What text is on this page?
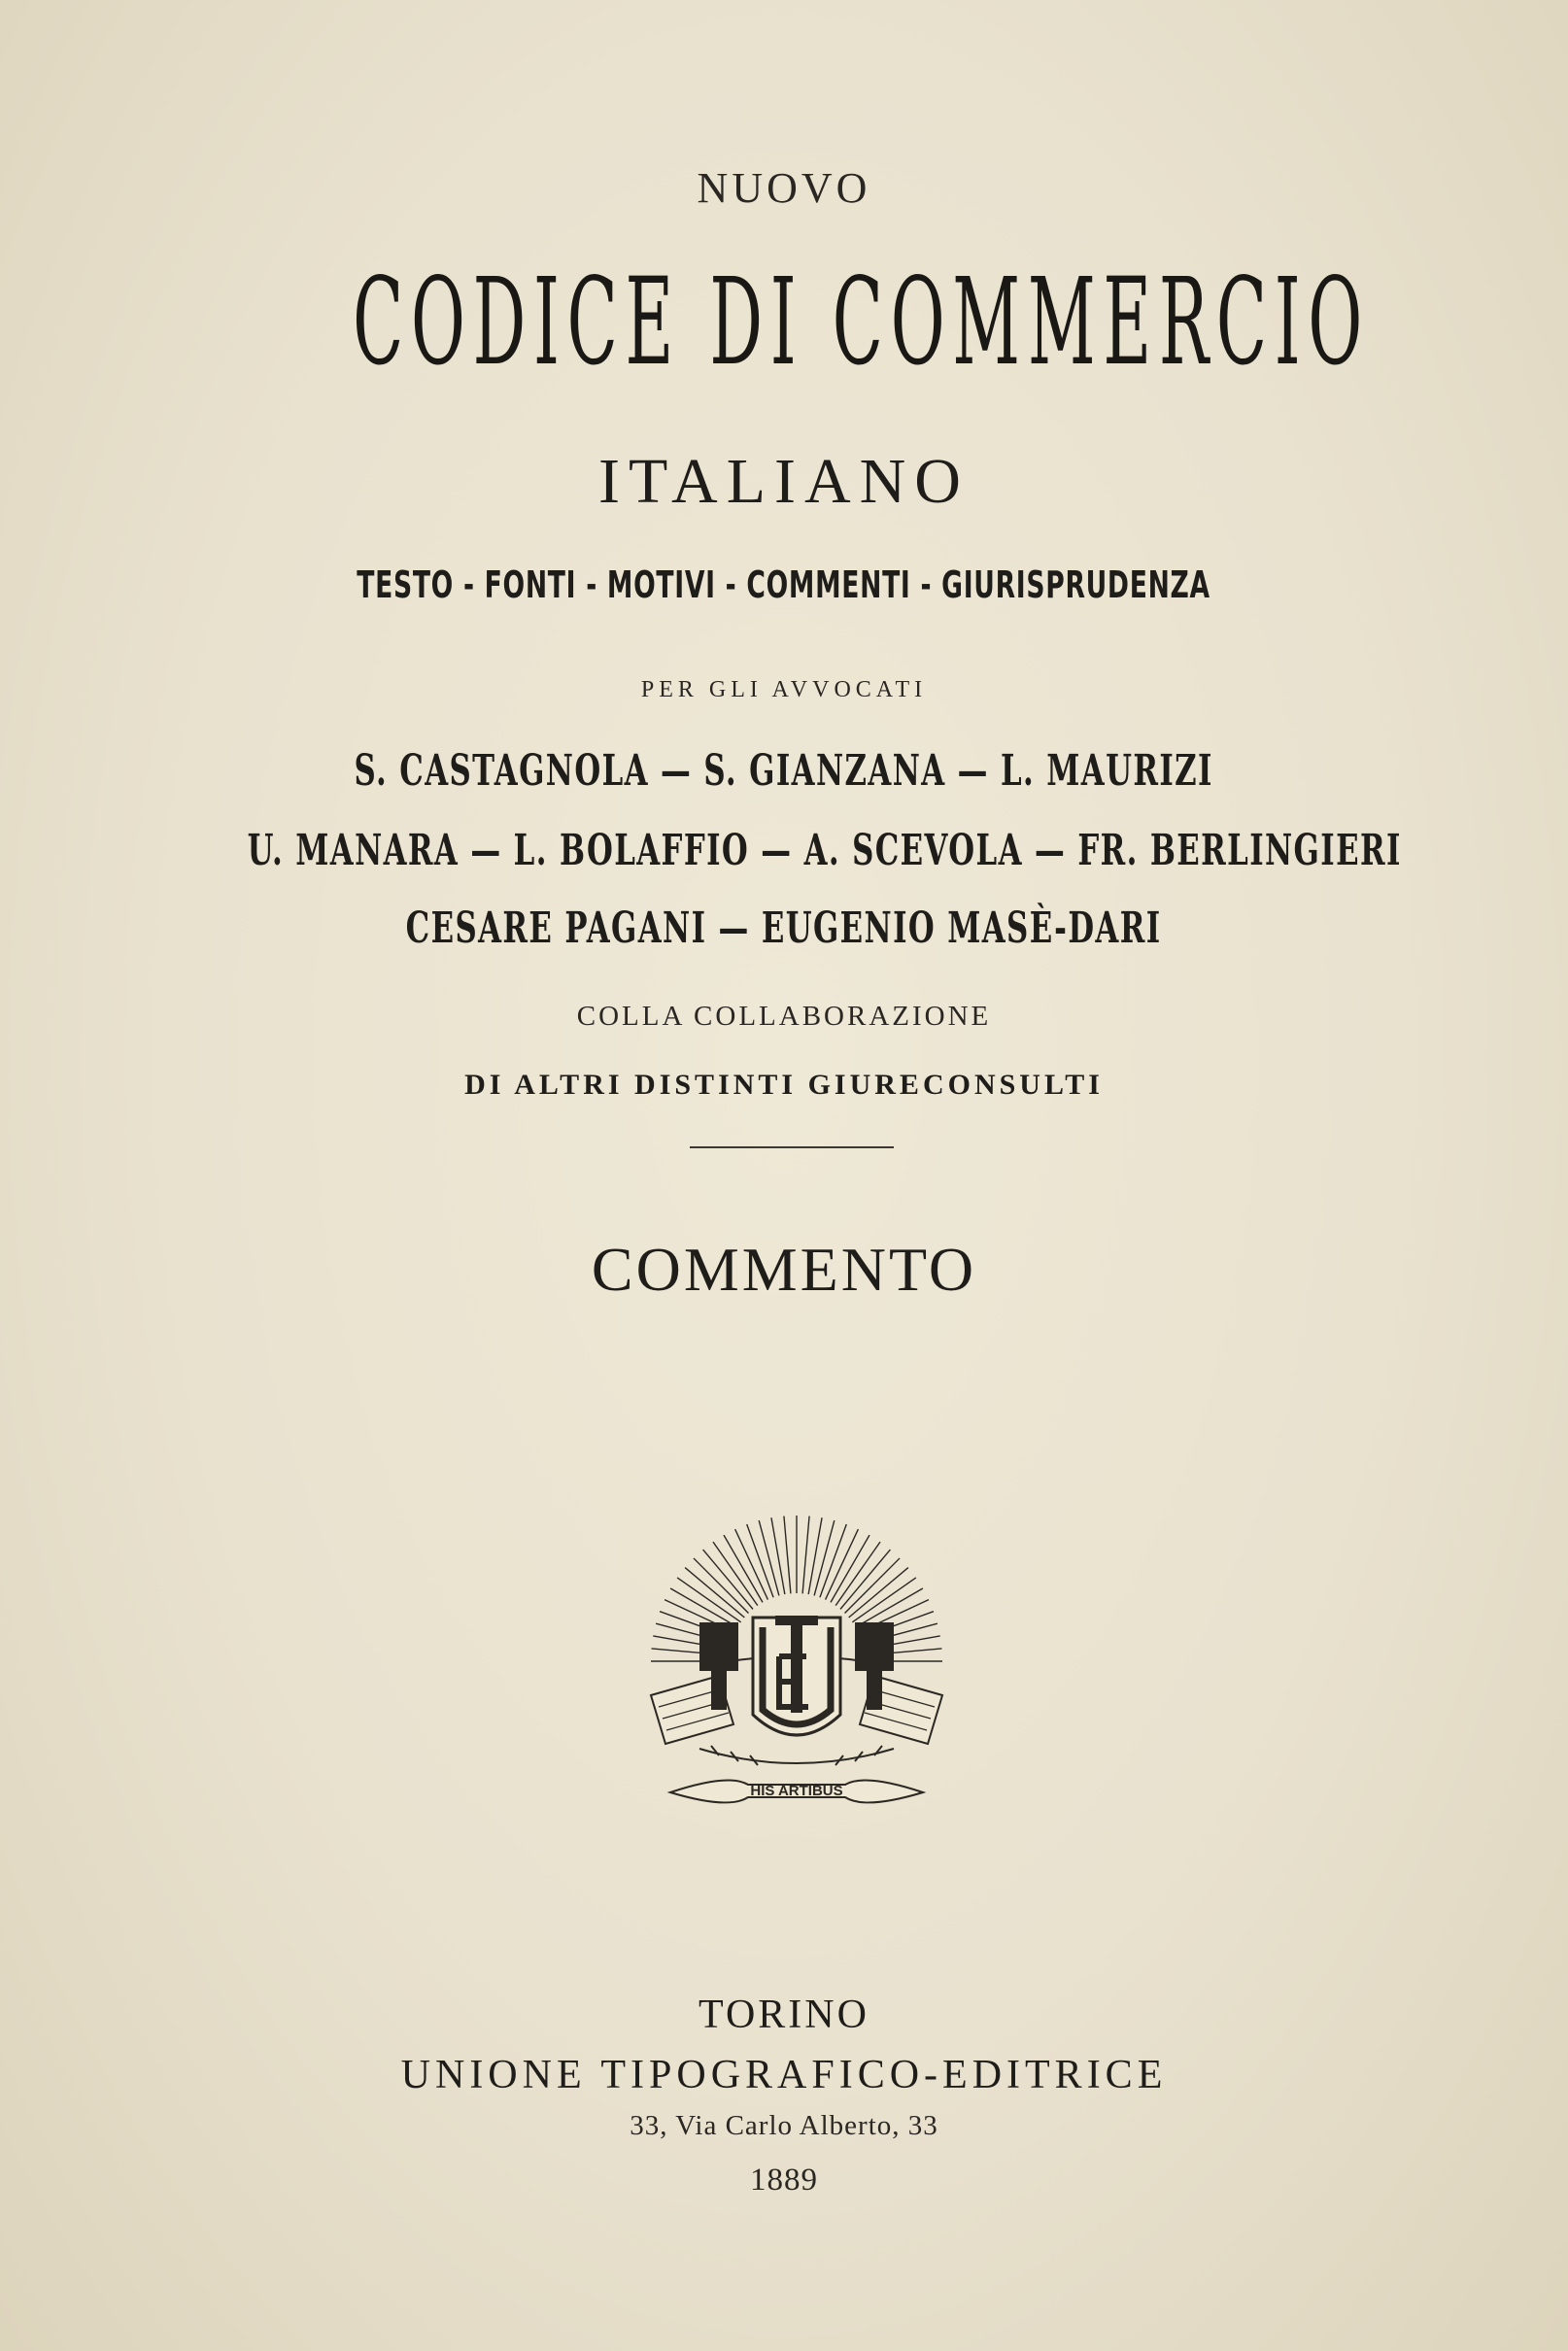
NUOVO
CODICE DI COMMERCIO
ITALIANO
TESTO - FONTI - MOTIVI - COMMENTI - GIURISPRUDENZA
PER GLI AVVOCATI
S. CASTAGNOLA — S. GIANZANA — L. MAURIZI
U. MANARA — L. BOLAFFIO — A. SCEVOLA — FR. BERLINGIERI
CESARE PAGANI — EUGENIO MASÈ-DARI
COLLA COLLABORAZIONE
DI ALTRI DISTINTI GIURECONSULTI
COMMENTO
HIS ARTIBUS
TORINO
UNIONE TIPOGRAFICO-EDITRICE
33, Via Carlo Alberto, 33
1889
